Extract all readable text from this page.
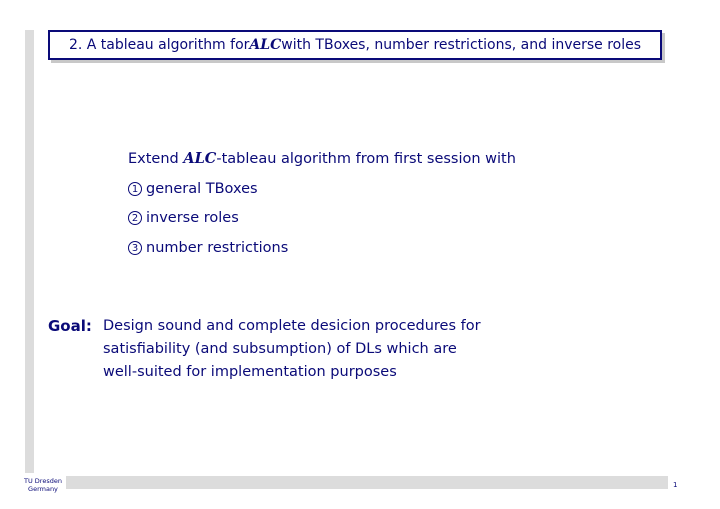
2. A tableau algorithm for ALC with TBoxes, number restrictions, and inverse roles
Extend ALC-tableau algorithm from first session with
1 general TBoxes
2 inverse roles
3 number restrictions
Goal: Design sound and complete desicion procedures for
satisfiability (and subsumption) of DLs which are
well-suited for implementation purposes
TU Dresden
Germany	1
